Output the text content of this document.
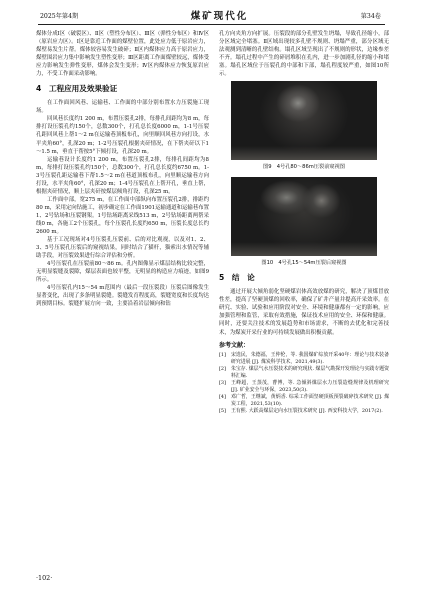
2025年第4期	煤矿现代化	第34卷

煤体分成Ⅰ区（破裂区）、Ⅱ区（塑性分布区）、Ⅲ区（弹性分布区）和Ⅳ区（原岩应力区）。Ⅰ区是靠近工作面的煤壁位置，此处应力低于原岩应力，煤壁易发生片帮。煤体较容易发生破碎；Ⅱ区内煤体应力高于原岩应力，煤壁围岩应力集中影响发生塑性变形；Ⅲ区距离工作面煤壁较远，煤体受应力影响发生弹性变形，煤体会发生变形；Ⅳ区内煤体应力恢复原岩应力，不受工作面采动影响。

4　工程应用及效果验证

在工作面回风巷、运输巷、工作面的中部分别布置水力压裂施工现场。

回风巷长度约1 200 m，布置压裂孔2排，每排孔间距均为8 m，每排打设压裂孔约150个，总数300个，打孔总长度6000 m，1-1号压裂孔距回风巷上帮1～2 m在运输巷顶板布孔，向里顺回风巷方向打设，水平夹角60°，孔深20 m；1-2号压裂孔根据夹矸情况，在下帮夹矸以下1～1.5 m，垂直于帮按5°下倾打设，孔深20 m。

运输巷设计长度约1 200 m，布置压裂孔2排，每排孔间距均为8 m，每排打设压裂孔约150个，总数300个，打孔总长度约6750 m。1-3号压裂孔距运输巷下帮1.5～2 m在巷道顶板布孔，向里顺运输巷方向打设，水平夹角60°，孔深20 m；1-4号压裂孔在上帮开孔，垂直上帮，根据夹矸情况，顺上层夹矸按煤层倾角打设，孔深25 m。

工作面中部，宽275 m，在工作面中部纵向布置压裂孔2排，排距约80 m，采用定向钻施工，初步确定在工作面1901运输通道和运输巷布置1、2号钻场和压裂钢架。1号钻场距离采线513 m，2号钻场距离两帮采线0 m，各施工2个压裂孔，每个压裂孔长度约650 m，压裂长度总长约2600 m。

基于工况现场对4号压裂孔压裂前、后的对比观视，以及对1、2、3、5号压裂孔压裂后的窥视结果，同时结合了猫杆，猫索出水情况等辅助手段，对压裂效果进行综合评估和分析。

4号压裂孔在压裂前80～86 m。孔内图像显示煤层结构比较完整，无明显裂缝及裂隙，煤层表面也较平整，无明显的构造应力痕迹，如图9所示。

4号压裂孔内15～54 m范围内（最后一段压裂段）压裂后图像发生显著变化，出现了多条明显裂缝。裂缝发育程度高，裂缝宽度和长度均达到预期目标。裂缝扩展方向一致，主要沿着岩层倾向和钻

孔方向夹角方向扩展。压裂段的部分孔壁发生坍塌，导致孔径缩小，部分区域完全堵塞。Ⅱ区域出现较多孔壁不规则、坍塌严重，部分区域无法观测到清晰的孔壁结构。塌孔区域呈现出了不规则的形状，边缘参差不齐。塌孔过程中产生的碎屑堆积在孔内，进一步加剧孔径的缩小和堵塞。塌孔区域位于压裂孔的中部和下部，塌孔程度较严重，如图10所示。

图9　4号孔80～86m压裂前窥视图
图10　4号孔15～54m压裂后窥视图
5　结　论

通过开展大倾角弱化坚硬煤岩体高效放煤的研究，解决了顶煤冒放性差，提高了坚硬顶煤的回收率，确保了矿井产量并提高开采效率。在研究、实验、试验和应用阶段对安全、环境和健康都有一定的影响，应加强管理和监管，采取有效措施，保证技术应用的安全、环保和健康。同时，还要关注技术的发展趋势和市场需求，不断的去优化和完善技术，为煤炭开采行业的可持续发展做出积极贡献。

参考文献：
[1]	宋选民，朱德福，王仲伦，等. 我国煤矿综放开采40年：理论与技术装备研究进展 [J]. 煤炭科学技术，2021,49(3).
[2]	朱宝存. 煤层气水压裂技术的研究现状. 煤层气勘探开发理论与实践专题资料汇编.
[3]	王峰超，王蒸茂，曹博，等. 急倾斜煤层水力压裂造缝规律及机理研究 [J]. 矿业安全与环保，2023,50(3).
[4]	邓广哲，王继斌，黄炳香. 综采工作面坚硬顶板预裂破碎技术研究 [J]. 煤炭工程，2021,53(10).
[5]	王有熙. 大跃高煤层定向水压裂技术研究 [J]. 西安科技大学，2017(2).
·102·
